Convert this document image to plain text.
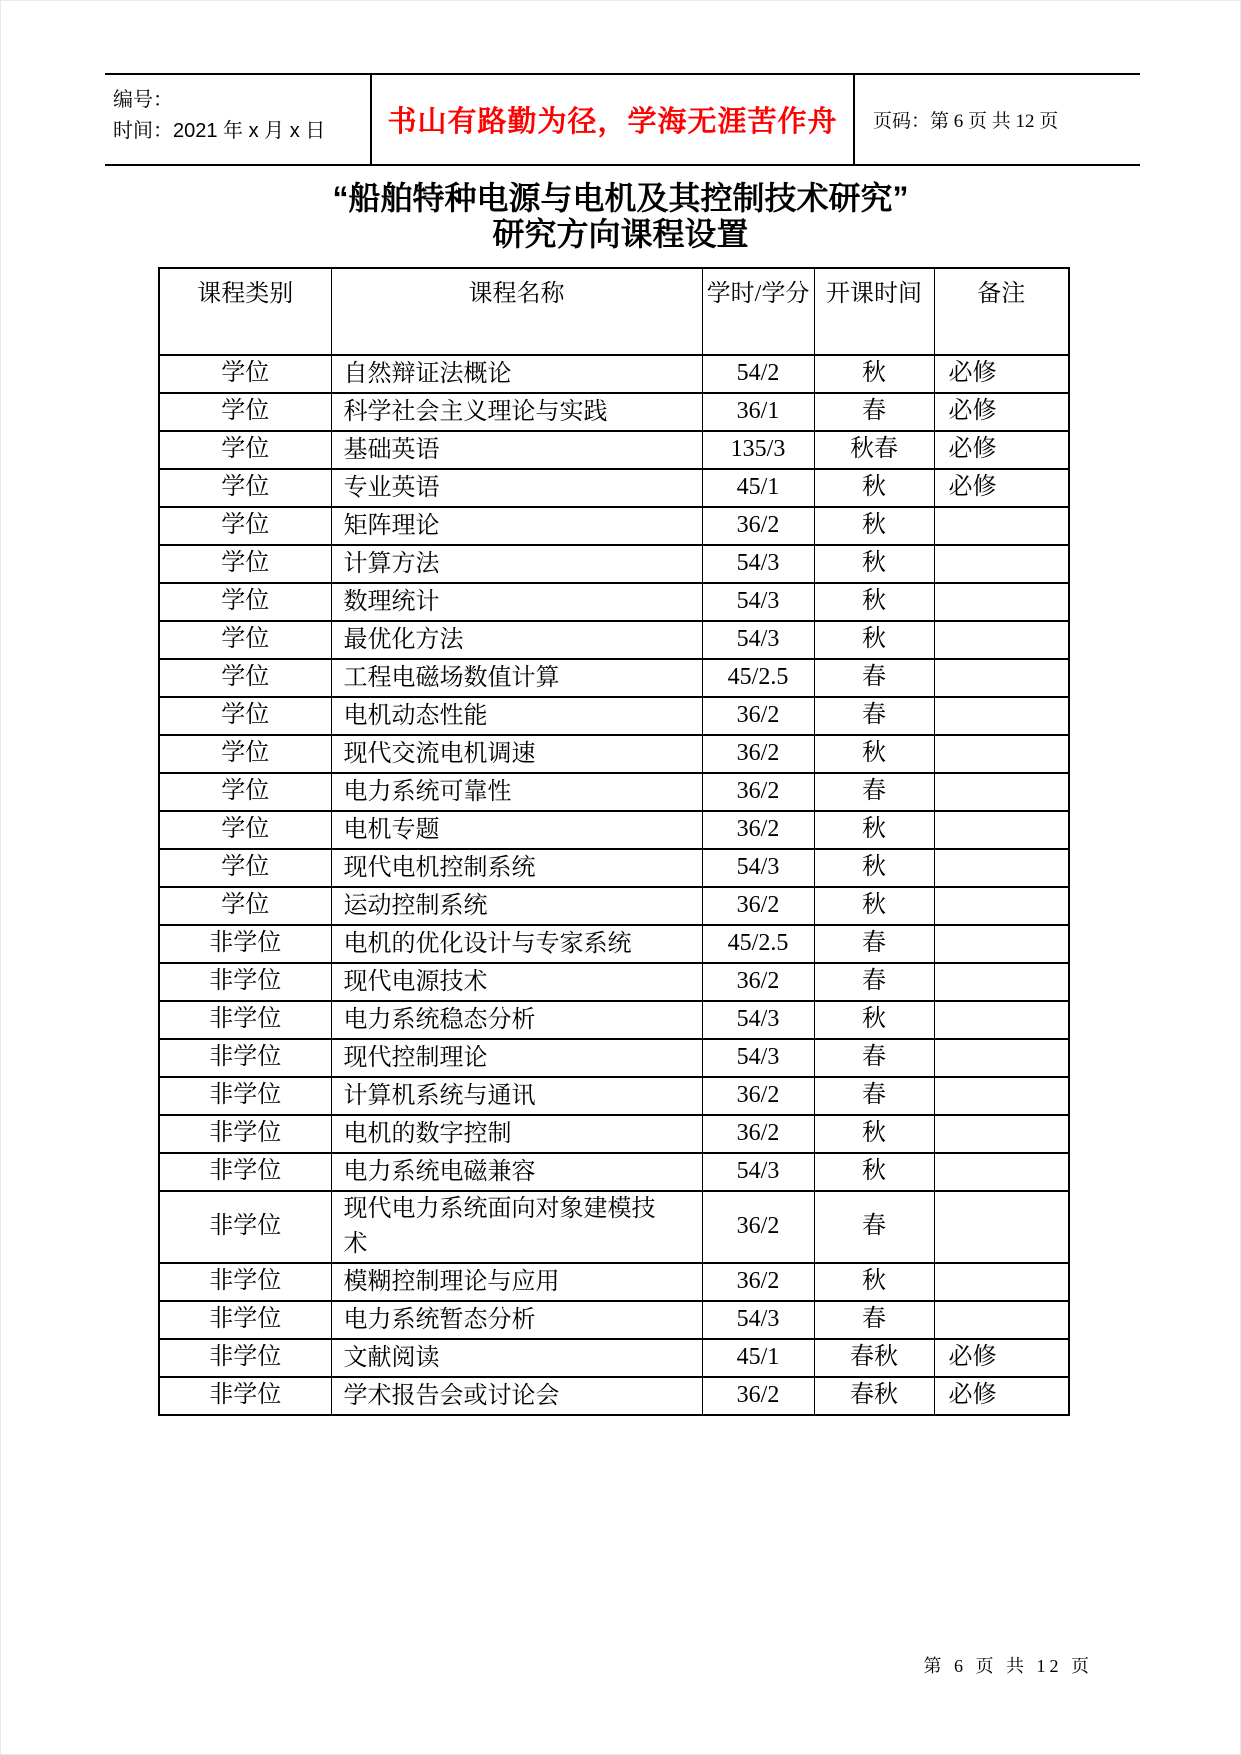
编号：
时间：2021 年 x 月 x 日	书山有路勤为径，学海无涯苦作舟	页码：第 6 页 共 12 页
“船舶特种电源与电机及其控制技术研究”
研究方向课程设置
课程类别	课程名称	学时/学分	开课时间	备注
学位	自然辩证法概论	54/2	秋	必修
学位	科学社会主义理论与实践	36/1	春	必修
学位	基础英语	135/3	秋春	必修
学位	专业英语	45/1	秋	必修
学位	矩阵理论	36/2	秋	
学位	计算方法	54/3	秋	
学位	数理统计	54/3	秋	
学位	最优化方法	54/3	秋	
学位	工程电磁场数值计算	45/2.5	春	
学位	电机动态性能	36/2	春	
学位	现代交流电机调速	36/2	秋	
学位	电力系统可靠性	36/2	春	
学位	电机专题	36/2	秋	
学位	现代电机控制系统	54/3	秋	
学位	运动控制系统	36/2	秋	
非学位	电机的优化设计与专家系统	45/2.5	春	
非学位	现代电源技术	36/2	春	
非学位	电力系统稳态分析	54/3	秋	
非学位	现代控制理论	54/3	春	
非学位	计算机系统与通讯	36/2	春	
非学位	电机的数字控制	36/2	秋	
非学位	电力系统电磁兼容	54/3	秋	
非学位	现代电力系统面向对象建模技术	36/2	春	
非学位	模糊控制理论与应用	36/2	秋	
非学位	电力系统暂态分析	54/3	春	
非学位	文献阅读	45/1	春秋	必修
非学位	学术报告会或讨论会	36/2	春秋	必修
第 6 页 共 12 页
